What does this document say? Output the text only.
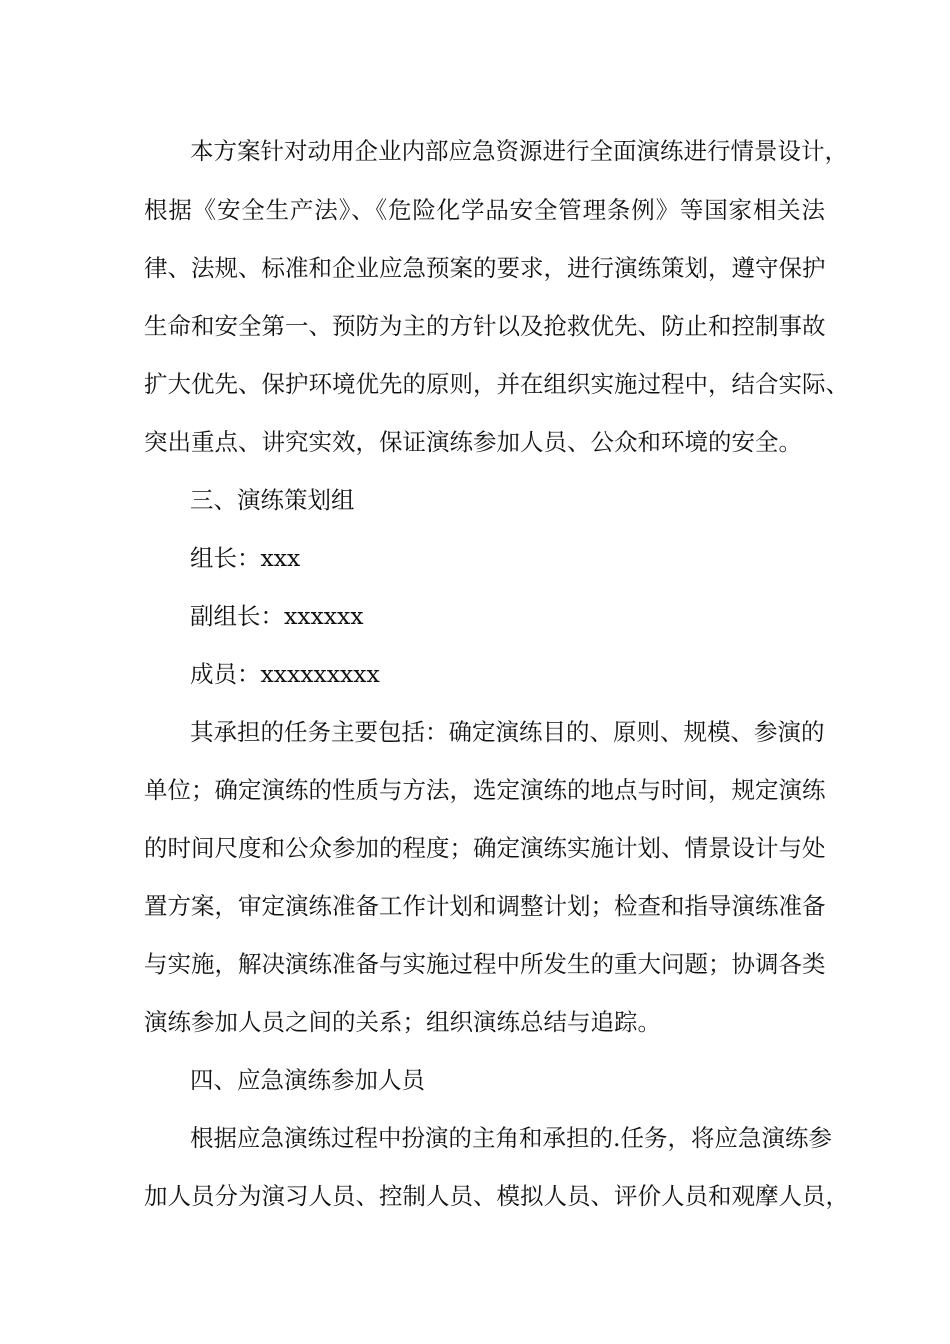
本方案针对动用企业内部应急资源进行全面演练进行情景设计，
根据《安全生产法》、《危险化学品安全管理条例》等国家相关法
律、法规、标准和企业应急预案的要求，进行演练策划，遵守保护
生命和安全第一、预防为主的方针以及抢救优先、防止和控制事故
扩大优先、保护环境优先的原则，并在组织实施过程中，结合实际、
突出重点、讲究实效，保证演练参加人员、公众和环境的安全。
三、演练策划组
组长：xxx
副组长：xxxxxx
成员：xxxxxxxxx
其承担的任务主要包括：确定演练目的、原则、规模、参演的
单位；确定演练的性质与方法，选定演练的地点与时间，规定演练
的时间尺度和公众参加的程度；确定演练实施计划、情景设计与处
置方案，审定演练准备工作计划和调整计划；检查和指导演练准备
与实施，解决演练准备与实施过程中所发生的重大问题；协调各类
演练参加人员之间的关系；组织演练总结与追踪。
四、应急演练参加人员
根据应急演练过程中扮演的主角和承担的.任务，将应急演练参
加人员分为演习人员、控制人员、模拟人员、评价人员和观摩人员，
